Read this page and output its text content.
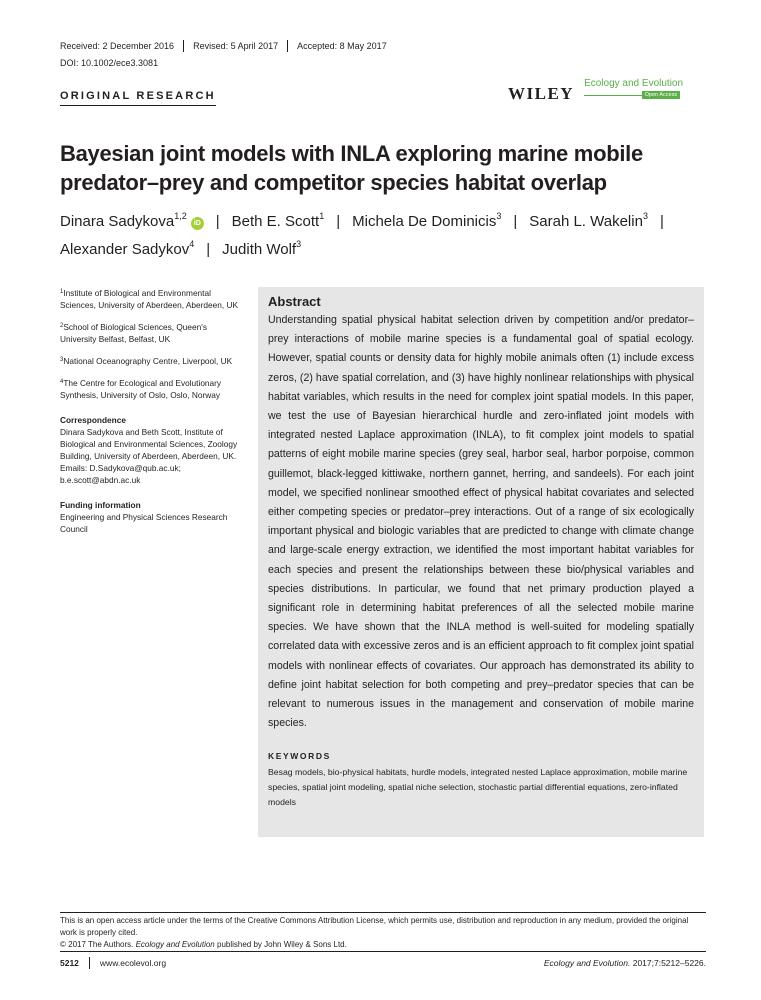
Received: 2 December 2016 Revised: 5 April 2017 Accepted: 8 May 2017
DOI: 10.1002/ece3.3081
ORIGINAL RESEARCH	WILEY
Ecology and Evolution
Open Access
Bayesian joint models with INLA exploring marine mobile predator–prey and competitor species habitat overlap
Dinara Sadykova$^{1,2}$iD | Beth E. Scott$^1$ | Michela De Dominicis$^3$ | Sarah L. Wakelin$^3$ |
Alexander Sadykov$^4$ | Judith Wolf$^3$

$^1$Institute of Biological and Environmental Sciences, University of Aberdeen, Aberdeen, UK

$^2$School of Biological Sciences, Queen's University Belfast, Belfast, UK

$^3$National Oceanography Centre, Liverpool, UK

$^4$The Centre for Ecological and Evolutionary Synthesis, University of Oslo, Oslo, Norway

Correspondence
Dinara Sadykova and Beth Scott, Institute of Biological and Environmental Sciences, Zoology Building, University of Aberdeen, Aberdeen, UK.
Emails: D.Sadykova@qub.ac.uk; b.e.scott@abdn.ac.uk
Funding information
Engineering and Physical Sciences Research Council
Abstract
Understanding spatial physical habitat selection driven by competition and/or predator–prey interactions of mobile marine species is a fundamental goal of spatial ecology. However, spatial counts or density data for highly mobile animals often (1) include excess zeros, (2) have spatial correlation, and (3) have highly nonlinear relationships with physical habitat variables, which results in the need for complex joint spatial models. In this paper, we test the use of Bayesian hierarchical hurdle and zero-inflated joint models with integrated nested Laplace approximation (INLA), to fit complex joint models to spatial patterns of eight mobile marine species (grey seal, harbor seal, harbor porpoise, common guillemot, black-legged kittiwake, northern gannet, herring, and sandeels). For each joint model, we specified nonlinear smoothed effect of physical habitat covariates and selected either competing species or predator–prey interactions. Out of a range of six ecologically important physical and biologic variables that are predicted to change with climate change and large-scale energy extraction, we identified the most important habitat variables for each species and present the relationships between these bio/physical variables and species distributions. In particular, we found that net primary production played a significant role in determining habitat preferences of all the selected mobile marine species. We have shown that the INLA method is well-suited for modeling spatially correlated data with excessive zeros and is an efficient approach to fit complex joint spatial models with nonlinear effects of covariates. Our approach has demonstrated its ability to define joint habitat selection for both competing and prey–predator species that can be relevant to numerous issues in the management and conservation of mobile marine species.
KEYWORDS
Besag models, bio-physical habitats, hurdle models, integrated nested Laplace approximation, mobile marine species, spatial joint modeling, spatial niche selection, stochastic partial differential equations, zero-inflated models
This is an open access article under the terms of the Creative Commons Attribution License, which permits use, distribution and reproduction in any medium, provided the original work is properly cited.
© 2017 The Authors. Ecology and Evolution published by John Wiley & Sons Ltd.
5212 www.ecolevol.org	Ecology and Evolution. 2017;7:5212–5226.
